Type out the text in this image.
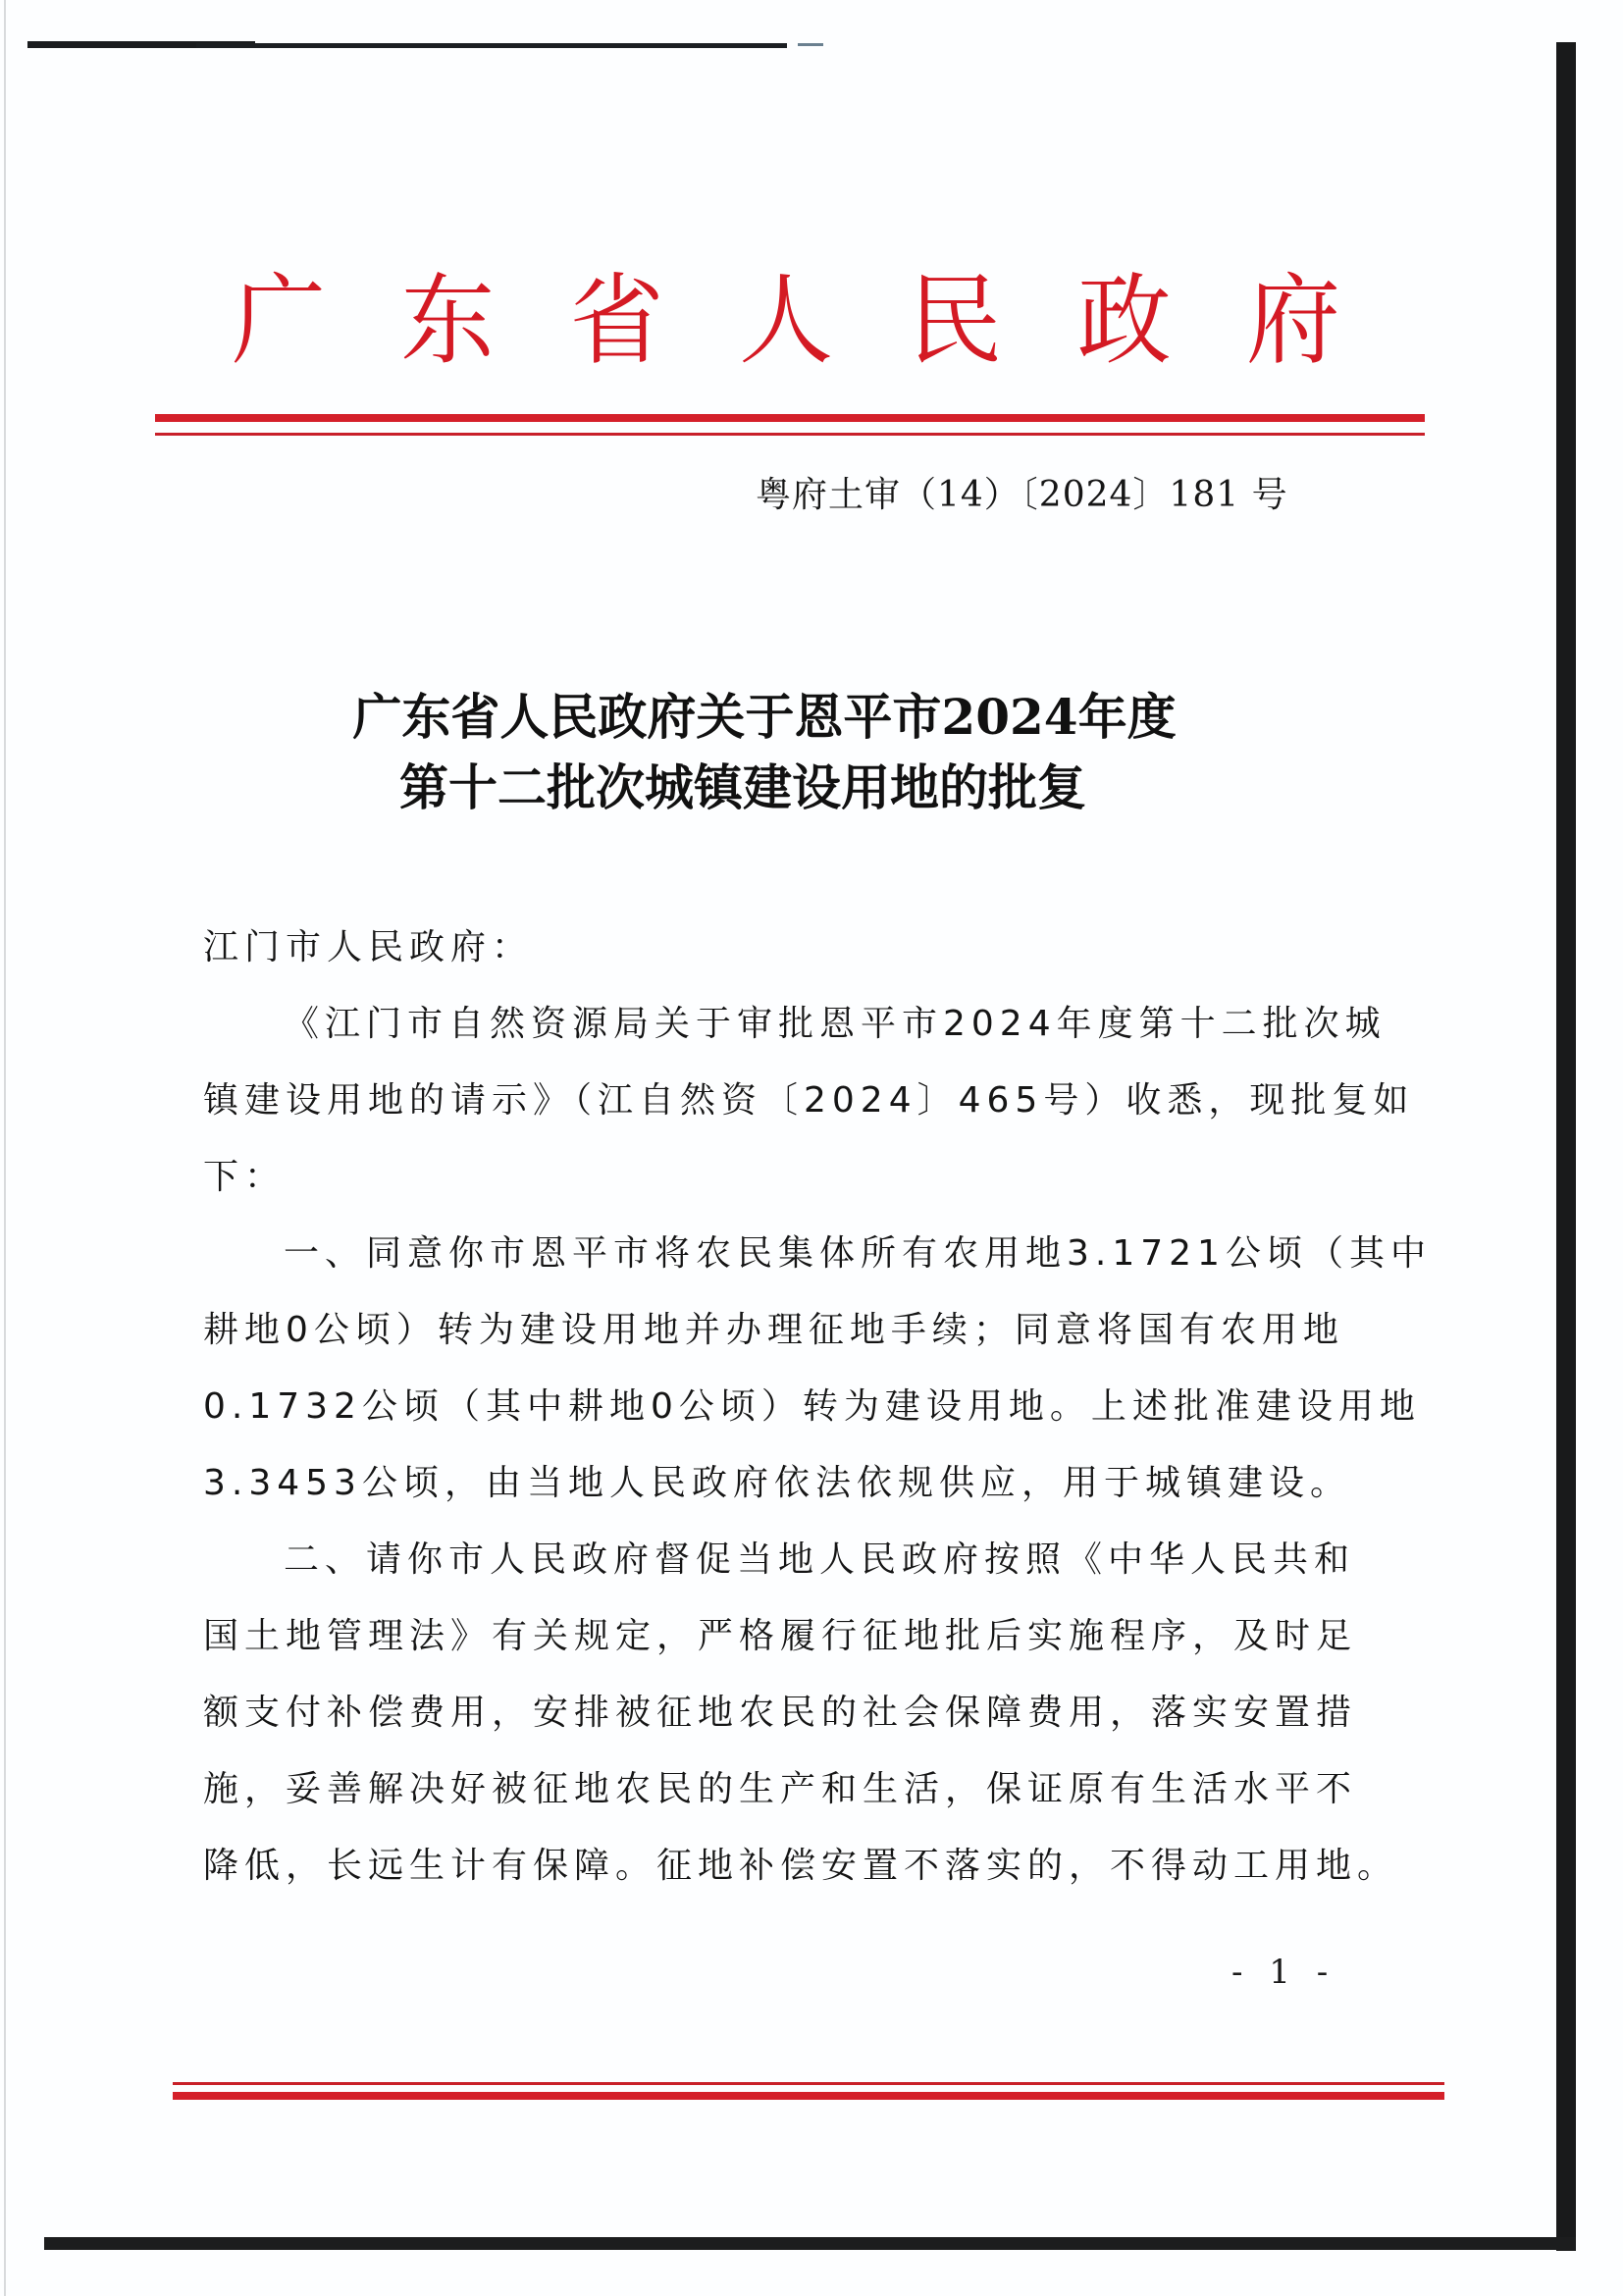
广 东 省 人 民 政 府
粤府土审（14）〔2024〕181 号
广东省人民政府关于恩平市2024年度
第十二批次城镇建设用地的批复
江门市人民政府：
《江门市自然资源局关于审批恩平市2024年度第十二批次城
镇建设用地的请示》（江自然资〔2024〕465号）收悉，现批复如
下：
一、同意你市恩平市将农民集体所有农用地3.1721公顷（其中
耕地0公顷）转为建设用地并办理征地手续；同意将国有农用地
0.1732公顷（其中耕地0公顷）转为建设用地。上述批准建设用地
3.3453公顷，由当地人民政府依法依规供应，用于城镇建设。
二、请你市人民政府督促当地人民政府按照《中华人民共和
国土地管理法》有关规定，严格履行征地批后实施程序，及时足
额支付补偿费用，安排被征地农民的社会保障费用，落实安置措
施，妥善解决好被征地农民的生产和生活，保证原有生活水平不
降低，长远生计有保障。征地补偿安置不落实的，不得动工用地。
- 1 -
